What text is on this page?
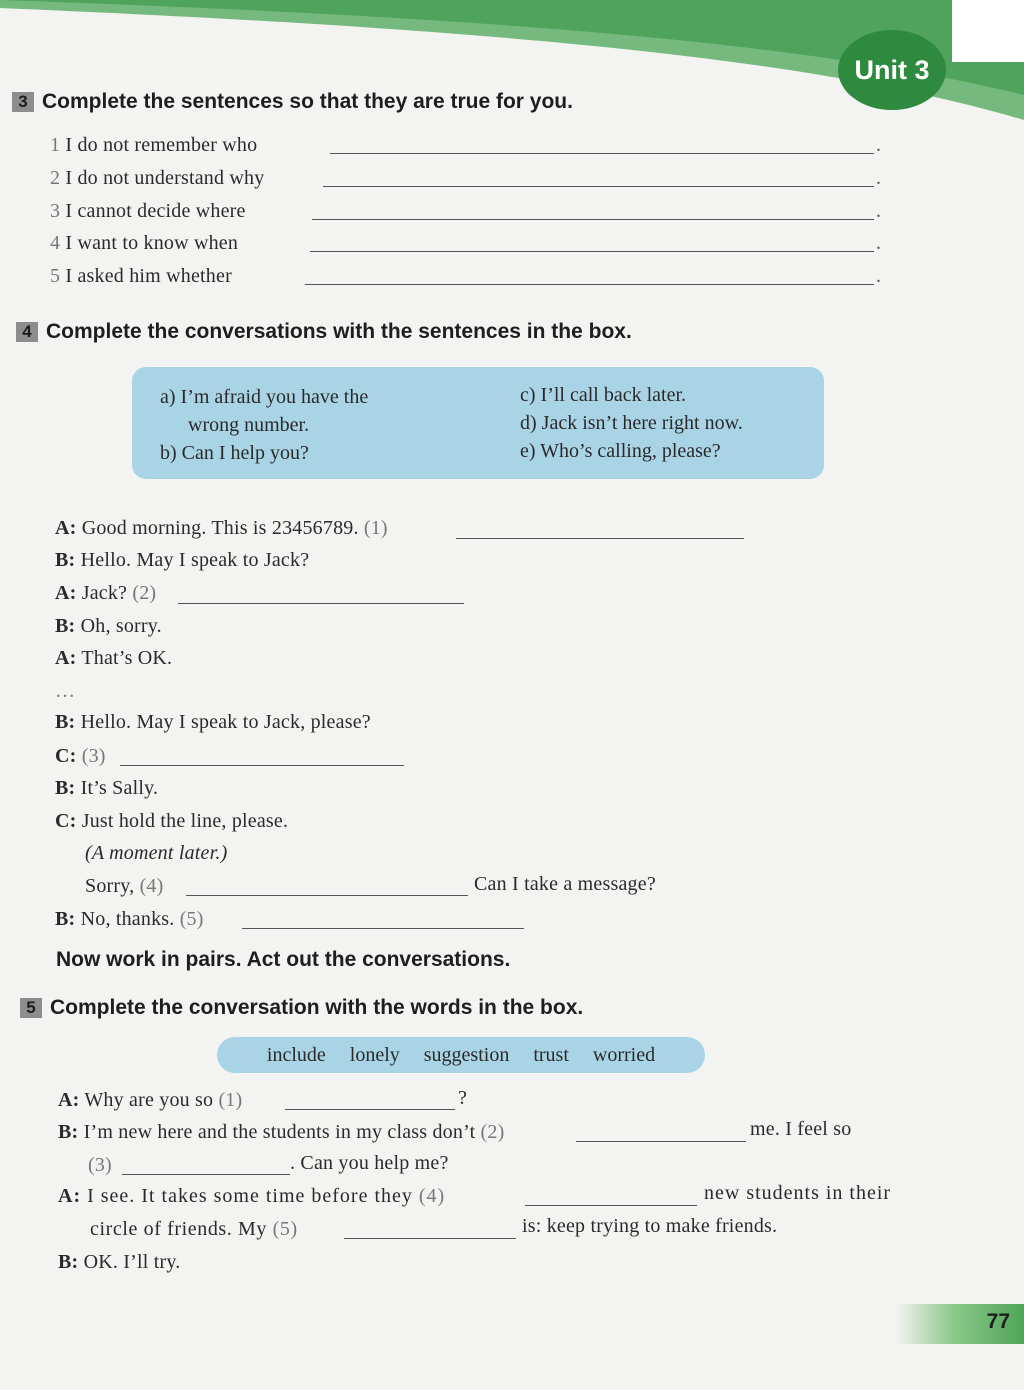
Unit 3
3 Complete the sentences so that they are true for you.
1 I do not remember who	.
2 I do not understand why	.
3 I cannot decide where	.
4 I want to know when	.
5 I asked him whether	.
4 Complete the conversations with the sentences in the box.
a) I’m afraid you have the
wrong number.
b) Can I help you?
c) I’ll call back later.
d) Jack isn’t here right now.
e) Who’s calling, please?
A: Good morning. This is 23456789. (1)
B: Hello. May I speak to Jack?
A: Jack? (2)
B: Oh, sorry.
A: That’s OK.
…
B: Hello. May I speak to Jack, please?
C: (3)
B: It’s Sally.
C: Just hold the line, please.
(A moment later.)
Sorry, (4)	Can I take a message?
B: No, thanks. (5)
Now work in pairs. Act out the conversations.
5 Complete the conversation with the words in the box.
include lonely suggestion trust worried
A: Why are you so (1)	?
B: I’m new here and the students in my class don’t (2)	me. I feel so
(3)	. Can you help me?
A: I see. It takes some time before they (4)	new students in their
circle of friends. My (5)	is: keep trying to make friends.
B: OK. I’ll try.
77
